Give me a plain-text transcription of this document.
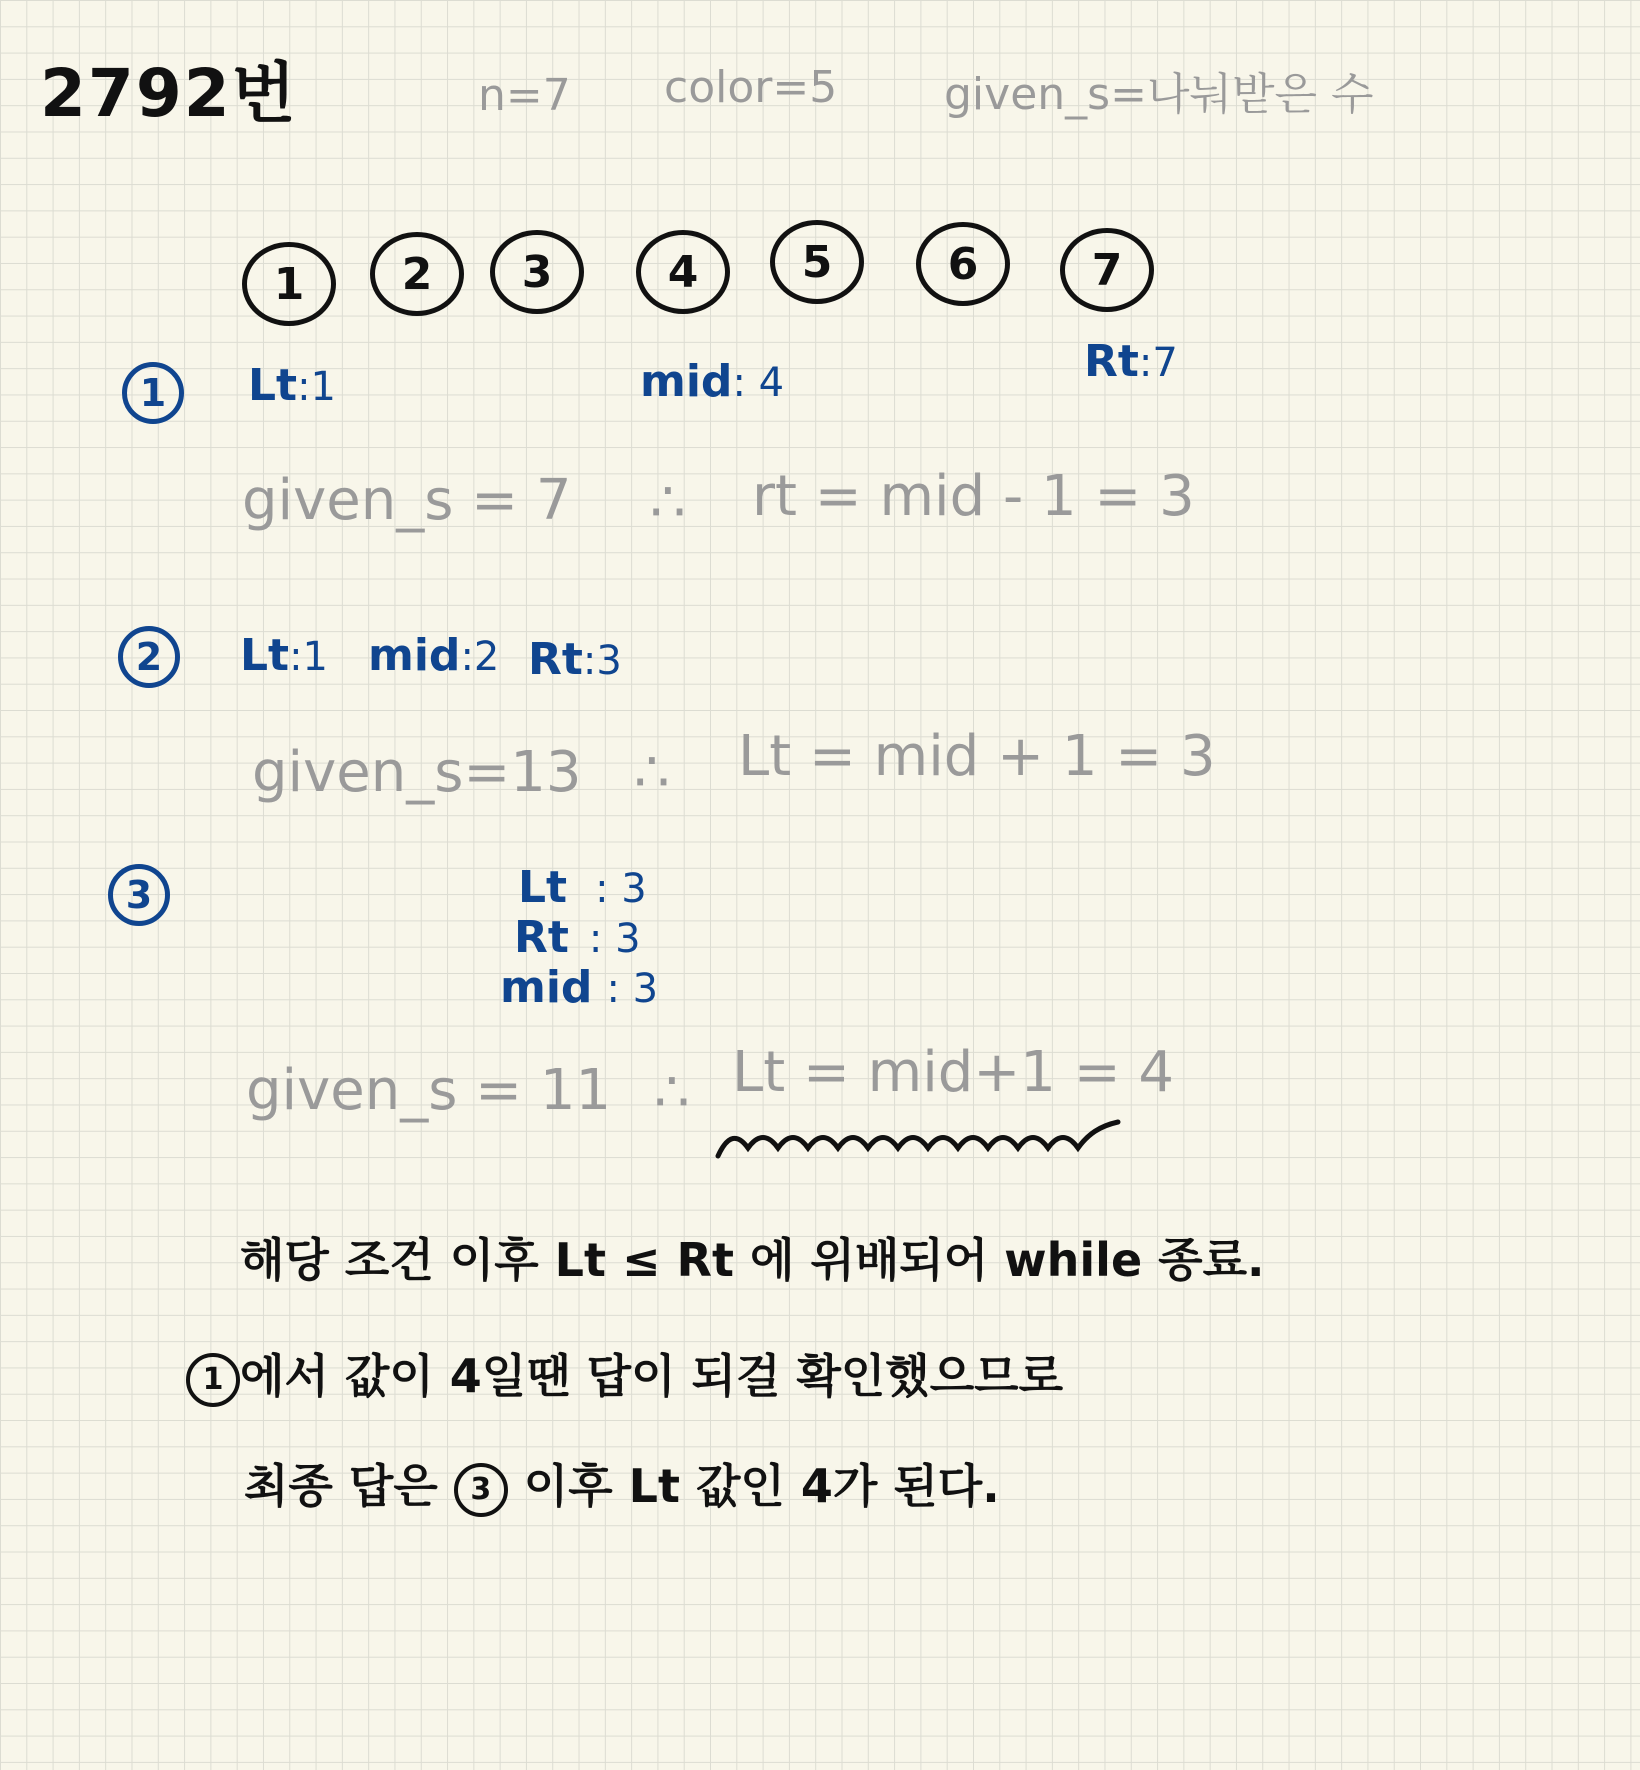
2792번	n=7 color=5 given_s=나눠받은 수
1	2	3	4	5	6	7
1	Lt:1	mid: 4	Rt:7
given_s = 7 ∴ rt = mid - 1 = 3
2	Lt:1 mid:2 Rt:3
given_s=13 ∴ Lt = mid + 1 = 3
3	Lt : 3
Rt : 3
mid : 3
given_s = 11 ∴ Lt = mid+1 = 4
해당 조건 이후 Lt ≤ Rt 에 위배되어 while 종료.
1 에서 값이 4일땐 답이 되걸 확인했으므로
최종 답은 3 이후 Lt 값인 4가 된다.
